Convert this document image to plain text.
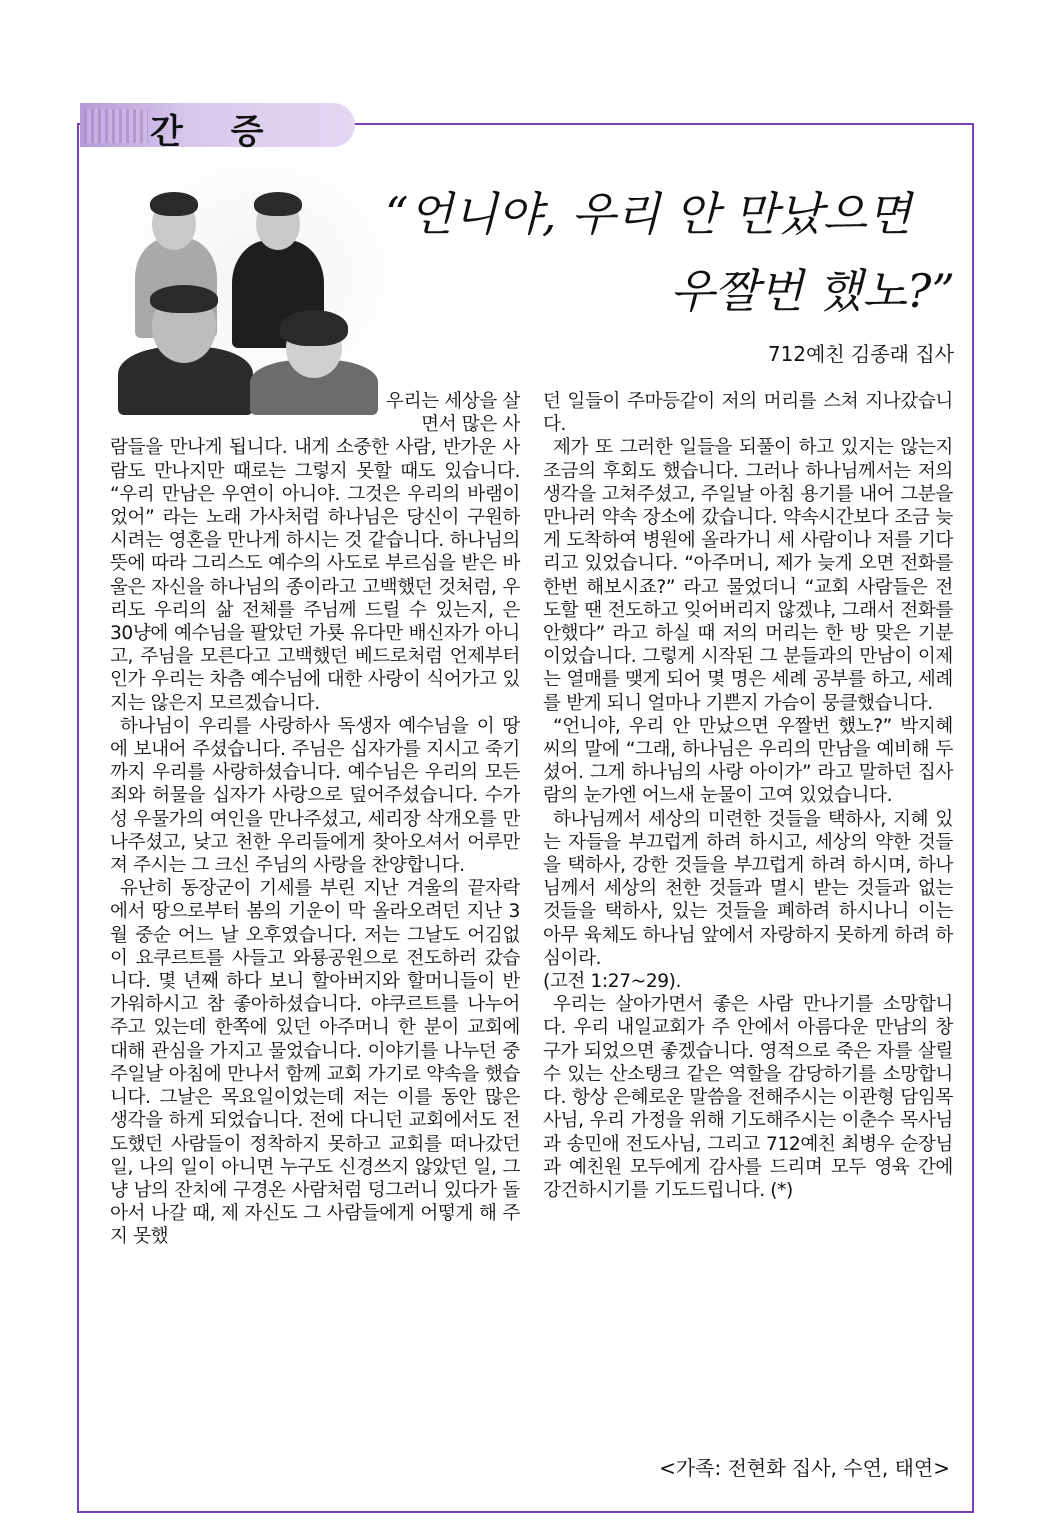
간 증
“언니야, 우리 안 만났으면
우짤번 했노?”
712예친 김종래 집사

우리는 세상을 살면서 많은 사

람들을 만나게 됩니다. 내게 소중한 사람, 반가운 사람도 만나지만 때로는 그렇지 못할 때도 있습니다. “우리 만남은 우연이 아니야. 그것은 우리의 바램이었어” 라는 노래 가사처럼 하나님은 당신이 구원하시려는 영혼을 만나게 하시는 것 같습니다. 하나님의 뜻에 따라 그리스도 예수의 사도로 부르심을 받은 바울은 자신을 하나님의 종이라고 고백했던 것처럼, 우리도 우리의 삶 전체를 주님께 드릴 수 있는지, 은 30냥에 예수님을 팔았던 가룟 유다만 배신자가 아니고, 주님을 모른다고 고백했던 베드로처럼 언제부터인가 우리는 차츰 예수님에 대한 사랑이 식어가고 있지는 않은지 모르겠습니다.

하나님이 우리를 사랑하사 독생자 예수님을 이 땅에 보내어 주셨습니다. 주님은 십자가를 지시고 죽기까지 우리를 사랑하셨습니다. 예수님은 우리의 모든 죄와 허물을 십자가 사랑으로 덮어주셨습니다. 수가성 우물가의 여인을 만나주셨고, 세리장 삭개오를 만나주셨고, 낮고 천한 우리들에게 찾아오셔서 어루만져 주시는 그 크신 주님의 사랑을 찬양합니다.

유난히 동장군이 기세를 부린 지난 겨울의 끝자락에서 땅으로부터 봄의 기운이 막 올라오려던 지난 3월 중순 어느 날 오후였습니다. 저는 그날도 어김없이 요쿠르트를 사들고 와룡공원으로 전도하러 갔습니다. 몇 년째 하다 보니 할아버지와 할머니들이 반가워하시고 참 좋아하셨습니다. 야쿠르트를 나누어 주고 있는데 한쪽에 있던 아주머니 한 분이 교회에 대해 관심을 가지고 물었습니다. 이야기를 나누던 중 주일날 아침에 만나서 함께 교회 가기로 약속을 했습니다. 그날은 목요일이었는데 저는 이를 동안 많은 생각을 하게 되었습니다. 전에 다니던 교회에서도 전도했던 사람들이 정착하지 못하고 교회를 떠나갔던 일, 나의 일이 아니면 누구도 신경쓰지 않았던 일, 그냥 남의 잔치에 구경온 사람처럼 덩그러니 있다가 돌아서 나갈 때, 제 자신도 그 사람들에게 어떻게 해 주지 못했

던 일들이 주마등같이 저의 머리를 스쳐 지나갔습니다.

제가 또 그러한 일들을 되풀이 하고 있지는 않는지 조금의 후회도 했습니다. 그러나 하나님께서는 저의 생각을 고쳐주셨고, 주일날 아침 용기를 내어 그분을 만나러 약속 장소에 갔습니다. 약속시간보다 조금 늦게 도착하여 병원에 올라가니 세 사람이나 저를 기다리고 있었습니다. “아주머니, 제가 늦게 오면 전화를 한번 해보시죠?” 라고 물었더니 “교회 사람들은 전도할 땐 전도하고 잊어버리지 않겠냐, 그래서 전화를 안했다” 라고 하실 때 저의 머리는 한 방 맞은 기분이었습니다. 그렇게 시작된 그 분들과의 만남이 이제는 열매를 맺게 되어 몇 명은 세례 공부를 하고, 세례를 받게 되니 얼마나 기쁜지 가슴이 뭉클했습니다.

“언니야, 우리 안 만났으면 우짤번 했노?” 박지혜 씨의 말에 “그래, 하나님은 우리의 만남을 예비해 두셨어. 그게 하나님의 사랑 아이가” 라고 말하던 집사람의 눈가엔 어느새 눈물이 고여 있었습니다.

하나님께서 세상의 미련한 것들을 택하사, 지혜 있는 자들을 부끄럽게 하려 하시고, 세상의 약한 것들을 택하사, 강한 것들을 부끄럽게 하려 하시며, 하나님께서 세상의 천한 것들과 멸시 받는 것들과 없는 것들을 택하사, 있는 것들을 폐하려 하시나니 이는 아무 육체도 하나님 앞에서 자랑하지 못하게 하려 하심이라.

(고전 1:27~29).

우리는 살아가면서 좋은 사람 만나기를 소망합니다. 우리 내일교회가 주 안에서 아름다운 만남의 창구가 되었으면 좋겠습니다. 영적으로 죽은 자를 살릴 수 있는 산소탱크 같은 역할을 감당하기를 소망합니다. 항상 은혜로운 말씀을 전해주시는 이관형 담임목사님, 우리 가정을 위해 기도해주시는 이춘수 목사님과 송민애 전도사님, 그리고 712예친 최병우 순장님과 예친원 모두에게 감사를 드리며 모두 영육 간에 강건하시기를 기도드립니다. (*)

<가족: 전현화 집사, 수연, 태연>
